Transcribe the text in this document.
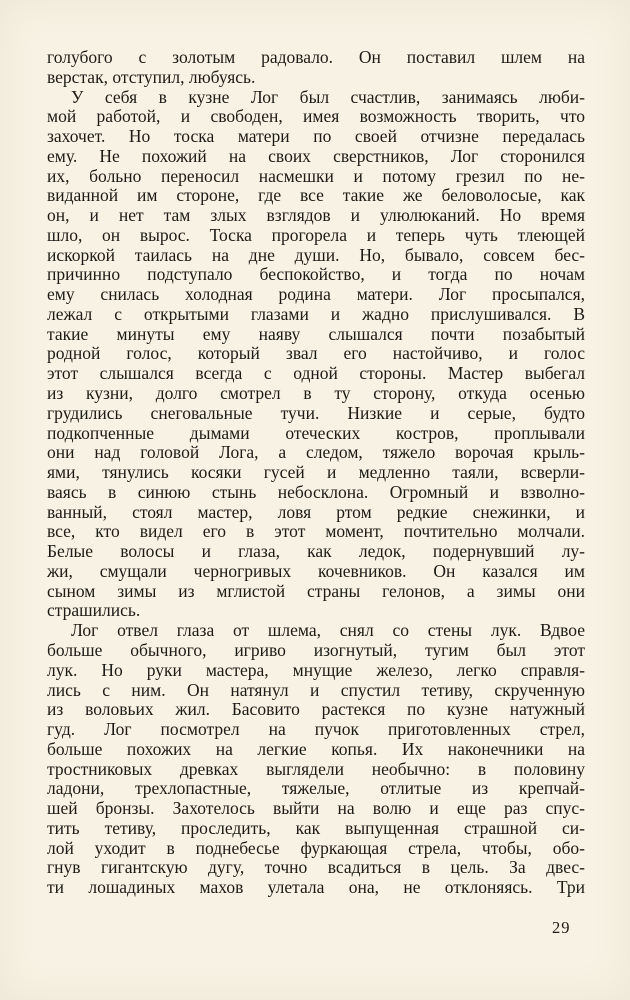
голубого с золотым радовало. Он поставил шлем на
верстак, отступил, любуясь.
У себя в кузне Лог был счастлив, занимаясь люби-
мой работой, и свободен, имея возможность творить, что
захочет. Но тоска матери по своей отчизне передалась
ему. Не похожий на своих сверстников, Лог сторонился
их, больно переносил насмешки и потому грезил по не-
виданной им стороне, где все такие же беловолосые, как
он, и нет там злых взглядов и улюлюканий. Но время
шло, он вырос. Тоска прогорела и теперь чуть тлеющей
искоркой таилась на дне души. Но, бывало, совсем бес-
причинно подступало беспокойство, и тогда по ночам
ему снилась холодная родина матери. Лог просыпался,
лежал с открытыми глазами и жадно прислушивался. В
такие минуты ему наяву слышался почти позабытый
родной голос, который звал его настойчиво, и голос
этот слышался всегда с одной стороны. Мастер выбегал
из кузни, долго смотрел в ту сторону, откуда осенью
грудились снеговальные тучи. Низкие и серые, будто
подкопченные дымами отеческих костров, проплывали
они над головой Лога, а следом, тяжело ворочая крыль-
ями, тянулись косяки гусей и медленно таяли, всверли-
ваясь в синюю стынь небосклона. Огромный и взволно-
ванный, стоял мастер, ловя ртом редкие снежинки, и
все, кто видел его в этот момент, почтительно молчали.
Белые волосы и глаза, как ледок, подернувший лу-
жи, смущали черногривых кочевников. Он казался им
сыном зимы из мглистой страны гелонов, а зимы они
страшились.
Лог отвел глаза от шлема, снял со стены лук. Вдвое
больше обычного, игриво изогнутый, тугим был этот
лук. Но руки мастера, мнущие железо, легко справля-
лись с ним. Он натянул и спустил тетиву, скрученную
из воловьих жил. Басовито растекся по кузне натужный
гуд. Лог посмотрел на пучок приготовленных стрел,
больше похожих на легкие копья. Их наконечники на
тростниковых древках выглядели необычно: в половину
ладони, трехлопастные, тяжелые, отлитые из крепчай-
шей бронзы. Захотелось выйти на волю и еще раз спус-
тить тетиву, проследить, как выпущенная страшной си-
лой уходит в поднебесье фуркающая стрела, чтобы, обо-
гнув гигантскую дугу, точно всадиться в цель. За двес-
ти лошадиных махов улетала она, не отклоняясь. Три
29
